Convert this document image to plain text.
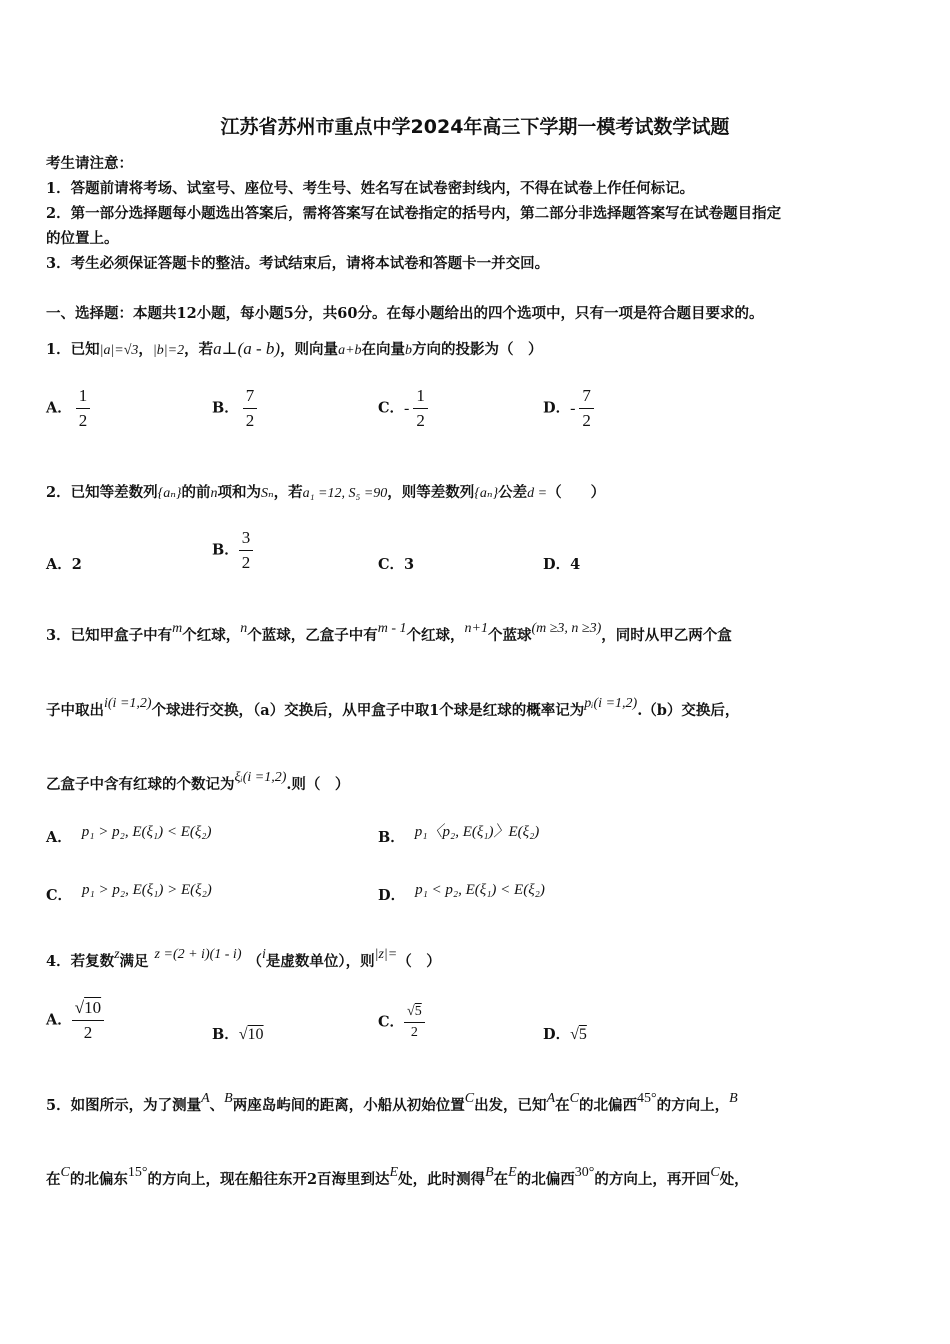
江苏省苏州市重点中学2024年高三下学期一模考试数学试题
考生请注意：
1．答题前请将考场、试室号、座位号、考生号、姓名写在试卷密封线内，不得在试卷上作任何标记。
2．第一部分选择题每小题选出答案后，需将答案写在试卷指定的括号内，第二部分非选择题答案写在试卷题目指定
的位置上。
3．考生必须保证答题卡的整洁。考试结束后，请将本试卷和答题卡一并交回。
一、选择题：本题共12小题，每小题5分，共60分。在每小题给出的四个选项中，只有一项是符合题目要求的。
1．已知|a|=√3，|b|=2，若a⊥(a - b)，则向量a+b在向量b方向的投影为（　）
A． $\frac{1}{2}$	B． $\frac{7}{2}$	C．- $\frac{1}{2}$	D．- $\frac{7}{2}$
2．已知等差数列{aₙ}的前n项和为Sₙ，若a₁ =12, S₅ =90，则等差数列{aₙ}公差d =（　　）
A．2
B． $\frac{3}{2}$	C．3	D．4
3．已知甲盒子中有m个红球，n个蓝球，乙盒子中有m - 1个红球，n+1个蓝球(m ≥3, n ≥3)，同时从甲乙两个盒
子中取出i(i =1,2)个球进行交换，（a）交换后，从甲盒子中取1个球是红球的概率记为pᵢ(i =1,2).（b）交换后，
乙盒子中含有红球的个数记为ξᵢ(i =1,2).则（　）
A． p₁ > p₂, E(ξ₁) < E(ξ₂)	B． p₁〈p₂, E(ξ₁)〉E(ξ₂)
C． p₁ > p₂, E(ξ₁) > E(ξ₂)	D． p₁ < p₂, E(ξ₁) < E(ξ₂)
4．若复数z满足 z =(2 + i)(1 - i) （i是虚数单位），则|z|=（　）
A． $\frac{√10}{2}$	B．√10
C． $\frac{√5}{2}$	D．√5
5．如图所示，为了测量A、B两座岛屿间的距离，小船从初始位置C出发，已知A在C的北偏西45°的方向上，B
在C的北偏东15°的方向上，现在船往东开2百海里到达E处，此时测得B在E的北偏西30°的方向上，再开回C处，
